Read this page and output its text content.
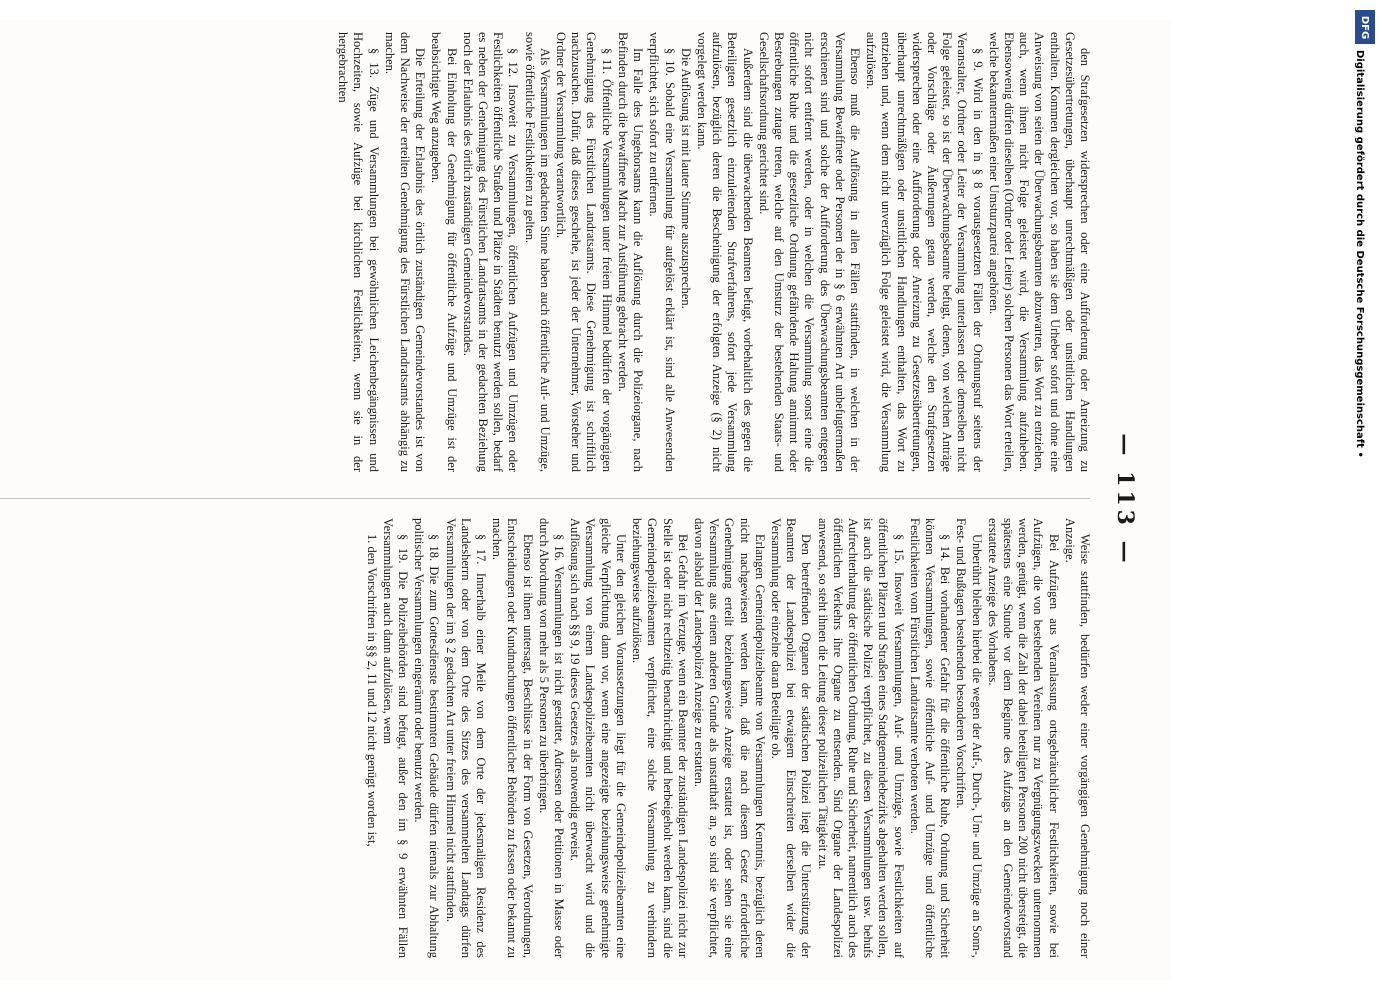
— 113 —

den Strafgesetzen widersprechen oder eine Aufforderung oder Anreizung zu Gesetzesübertretungen, überhaupt unrechtmäßigen oder unsittlichen Handlungen enthalten. Kommen dergleichen vor, so haben sie dem Urheber sofort und ohne eine Anweisung von seiten der Überwachungsbeamten abzuwarten, das Wort zu entziehen, auch, wenn ihnen nicht Folge geleistet wird, die Versammlung aufzuheben. Ebensowenig dürfen dieselben (Ordner oder Leiter) solchen Personen das Wort erteilen, welche bekanntermaßen einer Umsturzpartei angehören.

§ 9. Wird in den in § 8 vorausgesetzten Fällen der Ordnungsruf seitens der Veranstalter, Ordner oder Leiter der Versammlung unterlassen oder demselben nicht Folge geleistet, so ist der Überwachungsbeamte befugt, denen, von welchen Anträge oder Vorschläge oder Äußerungen getan werden, welche den Strafgesetzen widersprechen oder eine Aufforderung oder Anreizung zu Gesetzesübertretungen, überhaupt unrechtmäßigen oder unsittlichen Handlungen enthalten, das Wort zu entziehen und, wenn dem nicht unverzüglich Folge geleistet wird, die Versammlung aufzulösen.

Ebenso muß die Auflösung in allen Fällen stattfinden, in welchen in der Versammlung Bewaffnete oder Personen der in § 6 erwähnten Art unbefugtermaßen erschienen sind und solche der Aufforderung des Überwachungsbeamten entgegen nicht sofort entfernt werden, oder in welchen die Versammlung sonst eine die öffentliche Ruhe und die gesetzliche Ordnung gefährdende Haltung annimmt oder Bestrebungen zutage treten, welche auf den Umsturz der bestehenden Staats- und Gesellschaftsordnung gerichtet sind.

Außerdem sind die überwachenden Beamten befugt, vorbehaltlich des gegen die Beteiligten gesetzlich einzuleitenden Strafverfahrens, sofort jede Versammlung aufzulösen, bezüglich deren die Bescheinigung der erfolgten Anzeige (§ 2) nicht vorgelegt werden kann.

Die Auflösung ist mit lauter Stimme auszusprechen.

§ 10. Sobald eine Versammlung für aufgelöst erklärt ist, sind alle Anwesenden verpflichtet, sich sofort zu entfernen.

Im Falle des Ungehorsams kann die Auflösung durch die Polizeiorgane, nach Befinden durch die bewaffnete Macht zur Ausführung gebracht werden.

§ 11. Öffentliche Versammlungen unter freiem Himmel bedürfen der vorgängigen Genehmigung des Fürstlichen Landratsamts. Diese Genehmigung ist schriftlich nachzusuchen. Dafür, daß dieses geschehe, ist jeder der Unternehmer, Vorsteher und Ordner der Versammlung verantwortlich.

Als Versammlungen im gedachten Sinne haben auch öffentliche Auf- und Umzüge, sowie öffentliche Festlichkeiten zu gelten.

§ 12. Insoweit zu Versammlungen, öffentlichen Aufzügen und Umzügen oder Festlichkeiten öffentliche Straßen und Plätze in Städten benutzt werden sollen, bedarf es neben der Genehmigung des Fürstlichen Landratsamts in der gedachten Beziehung noch der Erlaubnis des örtlich zuständigen Gemeindevorstandes.

Bei Einholung der Genehmigung für öffentliche Aufzüge und Umzüge ist der beabsichtigte Weg anzugeben.

Die Erteilung der Erlaubnis des örtlich zuständigen Gemeindevorstandes ist von dem Nachweise der erteilten Genehmigung des Fürstlichen Landratsamts abhängig zu machen.

§ 13. Züge und Versammlungen bei gewöhnlichen Leichenbegängnissen und Hochzeiten, sowie Aufzüge bei kirchlichen Festlichkeiten, wenn sie in der hergebrachten

Weise stattfinden, bedürfen weder einer vorgängigen Genehmigung noch einer Anzeige.

Bei Aufzügen aus Veranlassung ortsgebräuchlicher Festlichkeiten, sowie bei Aufzügen, die von bestehenden Vereinen nur zu Vergnügungszwecken unternommen werden, genügt, wenn die Zahl der dabei beteiligten Personen 200 nicht übersteigt, die spätestens eine Stunde vor dem Beginne des Aufzugs an den Gemeindevorstand erstattete Anzeige des Vorhabens.

Unberührt bleiben hierbei die wegen der Auf-, Durch-, Um- und Umzüge an Sonn-, Fest- und Bußtagen bestehenden besonderen Vorschriften.

§ 14. Bei vorhandener Gefahr für die öffentliche Ruhe, Ordnung und Sicherheit können Versammlungen, sowie öffentliche Auf- und Umzüge und öffentliche Festlichkeiten vom Fürstlichen Landratsamte verboten werden.

§ 15. Insoweit Versammlungen, Auf- und Umzüge, sowie Festlichkeiten auf öffentlichen Plätzen und Straßen eines Stadtgemeindebezirks abgehalten werden sollen, ist auch die städtische Polizei verpflichtet, zu diesen Versammlungen usw. behufs Aufrechterhaltung der öffentlichen Ordnung, Ruhe und Sicherheit, namentlich auch des öffentlichen Verkehrs ihre Organe zu entsenden. Sind Organe der Landespolizei anwesend, so steht ihnen die Leitung dieser polizeilichen Tätigkeit zu.

Den betreffenden Organen der städtischen Polizei liegt die Unterstützung der Beamten der Landespolizei bei etwaigem Einschreiten derselben wider die Versammlung oder einzelne daran Beteiligte ob.

Erlangen Gemeindepolizeibeamte von Versammlungen Kenntnis, bezüglich deren nicht nachgewiesen werden kann, daß die nach diesem Gesetz erforderliche Genehmigung erteilt beziehungsweise Anzeige erstattet ist, oder sehen sie eine Versammlung aus einem anderen Grunde als unstatthaft an, so sind sie verpflichtet, davon alsbald der Landespolizei Anzeige zu erstatten.

Bei Gefahr im Verzuge, wenn ein Beamter der zuständigen Landespolizei nicht zur Stelle ist oder nicht rechtzeitig benachrichtigt und herbeigeholt werden kann, sind die Gemeindepolizeibeamten verpflichtet, eine solche Versammlung zu verhindern beziehungsweise aufzulösen.

Unter den gleichen Voraussetzungen liegt für die Gemeindepolizeibeamten eine gleiche Verpflichtung dann vor, wenn eine angezeigte beziehungsweise genehmigte Versammlung von einem Landespolizeibeamten nicht überwacht wird und die Auflösung sich nach §§ 9, 19 dieses Gesetzes als notwendig erweist.

§ 16. Versammlungen ist nicht gestattet, Adressen oder Petitionen in Masse oder durch Abordnung von mehr als 5 Personen zu überbringen.

Ebenso ist ihnen untersagt, Beschlüsse in der Form von Gesetzen, Verordnungen, Entscheidungen oder Kundmachungen öffentlicher Behörden zu fassen oder bekannt zu machen.

§ 17. Innerhalb einer Meile von dem Orte der jedesmaligen Residenz des Landesherrn oder von dem Orte des Sitzes des versammelten Landtags dürfen Versammlungen der im § 2 gedachten Art unter freiem Himmel nicht stattfinden.

§ 18. Die zum Gottesdienste bestimmten Gebäude dürfen niemals zur Abhaltung politischer Versammlungen eingeräumt oder benutzt werden.

§ 19. Die Polizeibehörden sind befugt, außer den im § 9 erwähnten Fällen Versammlungen auch dann aufzulösen, wenn

1. den Vorschriften in §§ 2, 11 und 12 nicht genügt worden ist,

DFG
Digitalisierung gefördert durch die Deutsche Forschungsgemeinschaft •
